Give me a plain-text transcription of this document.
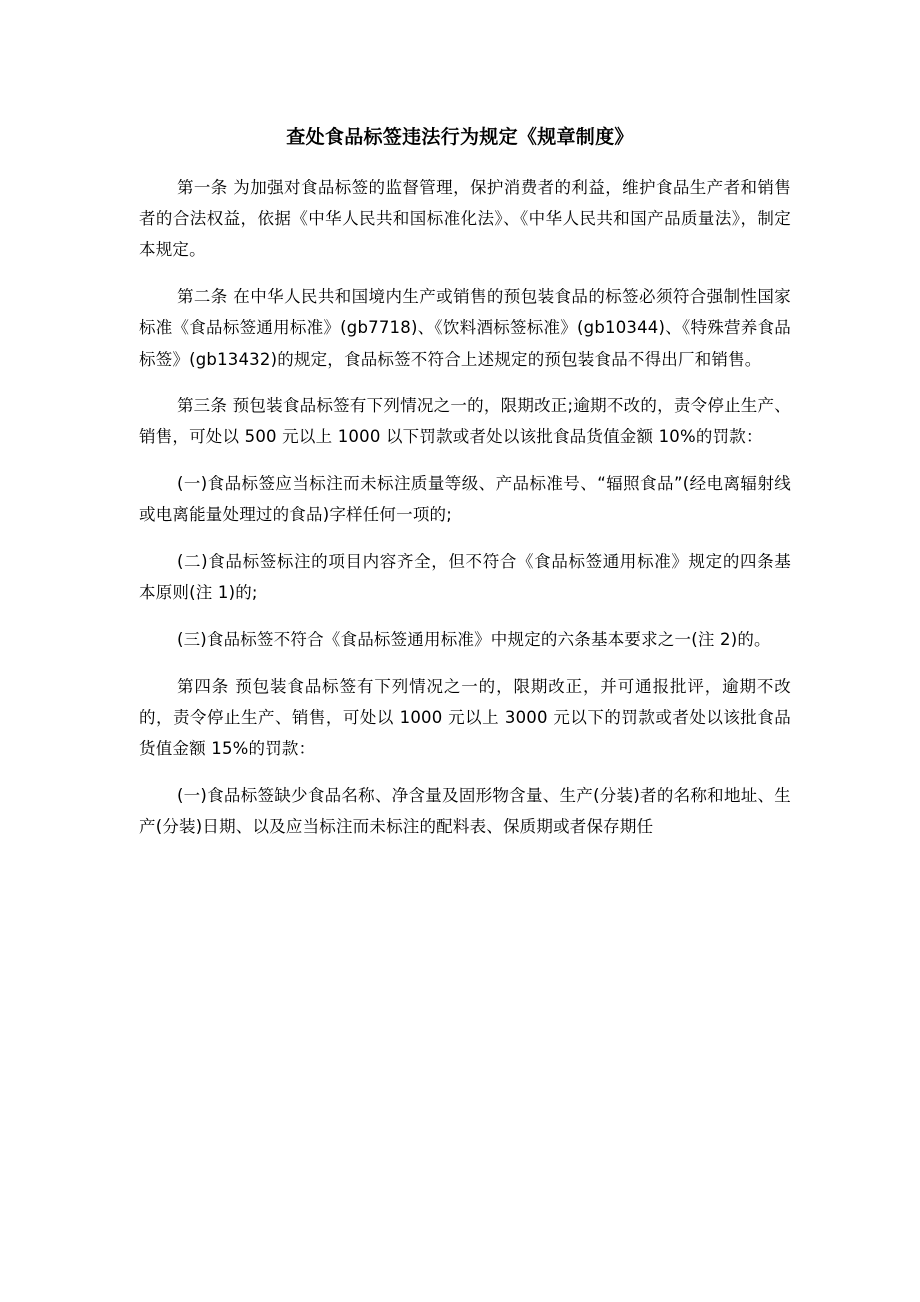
查处食品标签违法行为规定《规章制度》

第一条 为加强对食品标签的监督管理，保护消费者的利益，维护食品生产者和销售者的合法权益，依据《中华人民共和国标准化法》、《中华人民共和国产品质量法》，制定本规定。

第二条 在中华人民共和国境内生产或销售的预包装食品的标签必须符合强制性国家标准《食品标签通用标准》(gb7718)、《饮料酒标签标准》(gb10344)、《特殊营养食品标签》(gb13432)的规定，食品标签不符合上述规定的预包装食品不得出厂和销售。

第三条 预包装食品标签有下列情况之一的，限期改正;逾期不改的，责令停止生产、销售，可处以 500 元以上 1000 以下罚款或者处以该批食品货值金额 10%的罚款：

(一)食品标签应当标注而未标注质量等级、产品标准号、“辐照食品”(经电离辐射线或电离能量处理过的食品)字样任何一项的;

(二)食品标签标注的项目内容齐全，但不符合《食品标签通用标准》规定的四条基本原则(注 1)的;

(三)食品标签不符合《食品标签通用标准》中规定的六条基本要求之一(注 2)的。

第四条 预包装食品标签有下列情况之一的，限期改正，并可通报批评，逾期不改的，责令停止生产、销售，可处以 1000 元以上 3000 元以下的罚款或者处以该批食品货值金额 15%的罚款：

(一)食品标签缺少食品名称、净含量及固形物含量、生产(分装)者的名称和地址、生产(分装)日期、以及应当标注而未标注的配料表、保质期或者保存期任
